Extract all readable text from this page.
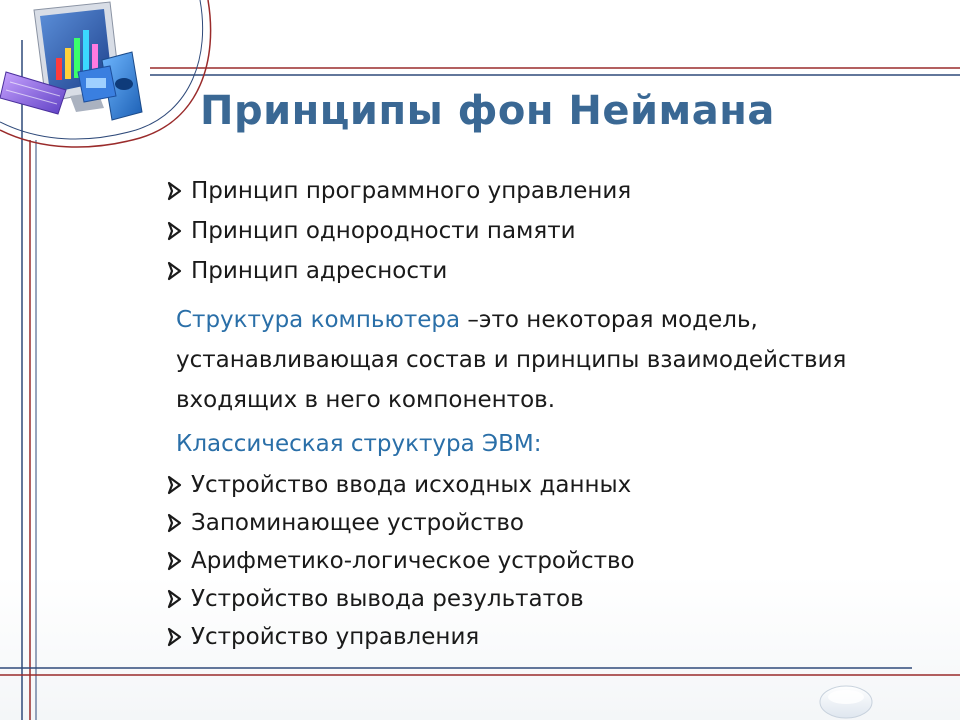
Принципы фон Неймана
Принцип программного управления
Принцип однородности памяти
Принцип адресности

Структура компьютера –это некоторая модель, устанавливающая состав и принципы взаимодействия входящих в него компонентов.

Классическая структура ЭВМ:
Устройство ввода исходных данных
Запоминающее устройство
Арифметико-логическое устройство
Устройство вывода результатов
Устройство управления
